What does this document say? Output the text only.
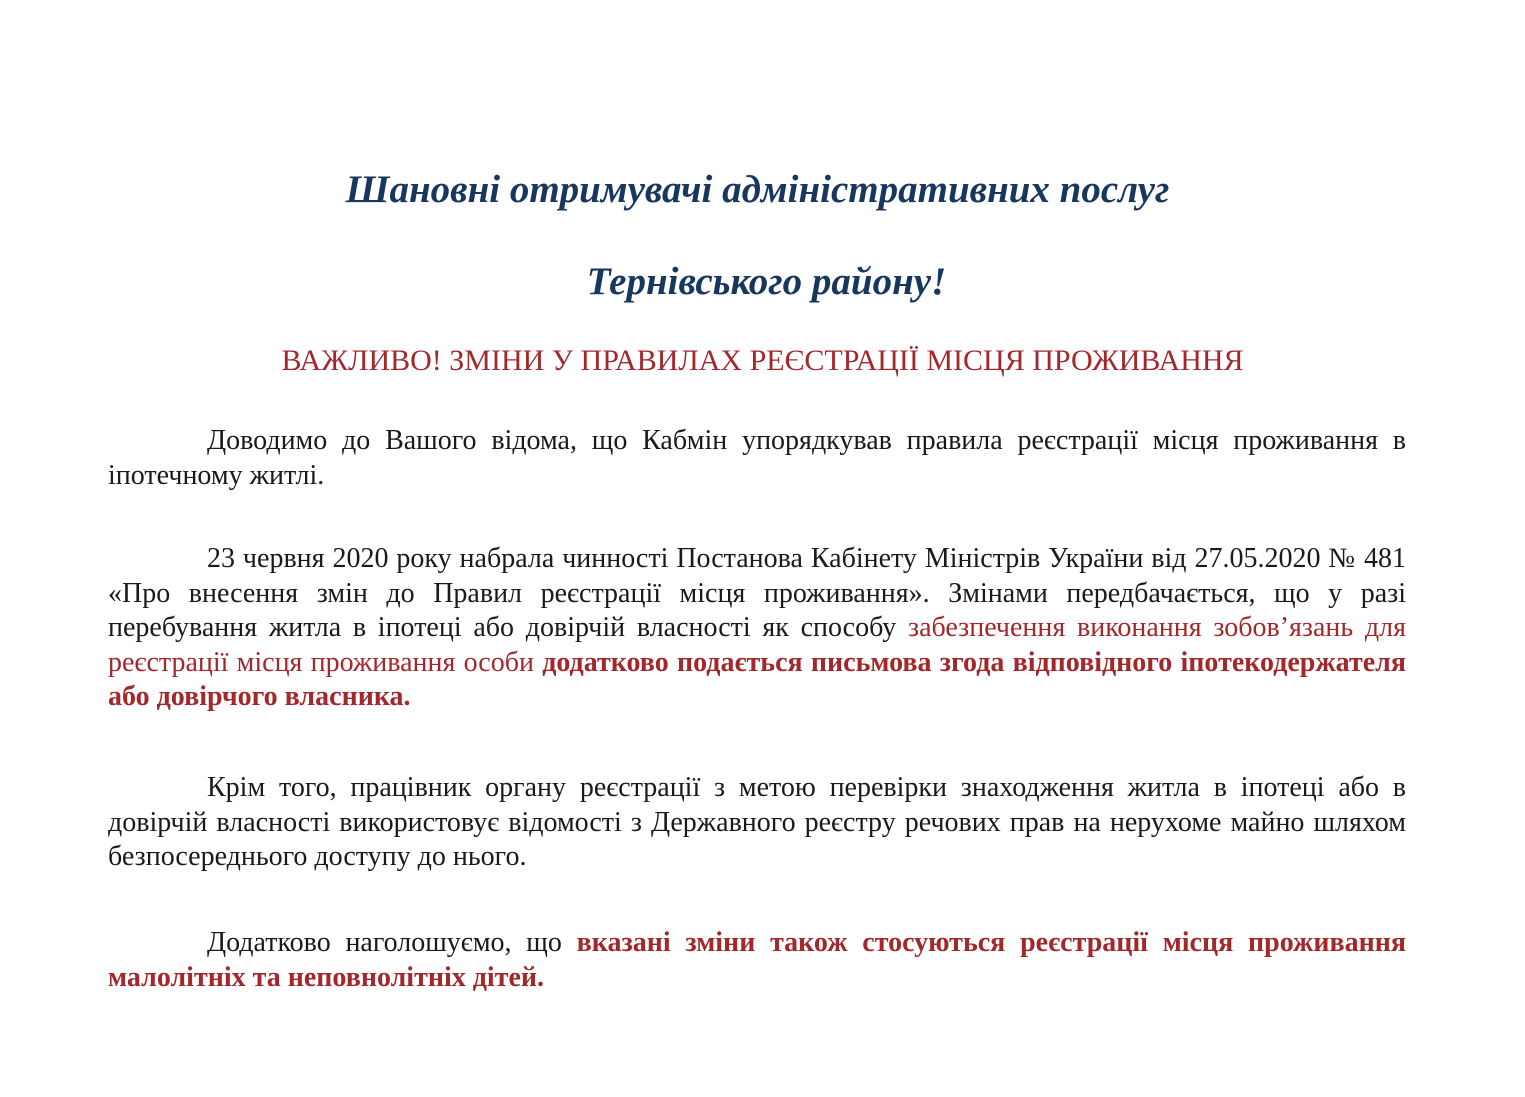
Шановні отримувачі адміністративних послуг
Тернівського району!
ВАЖЛИВО! ЗМІНИ У ПРАВИЛАХ РЕЄСТРАЦІЇ МІСЦЯ ПРОЖИВАННЯ

Доводимо до Вашого відома, що Кабмін упорядкував правила реєстрації місця проживання в іпотечному житлі.

23 червня 2020 року набрала чинності Постанова Кабінету Міністрів України від 27.05.2020 № 481 «Про внесення змін до Правил реєстрації місця проживання». Змінами передбачається, що у разі перебування житла в іпотеці або довірчій власності як способу забезпечення виконання зобов’язань для реєстрації місця проживання особи додатково подається письмова згода відповідного іпотекодержателя або довірчого власника.

Крім того, працівник органу реєстрації з метою перевірки знаходження житла в іпотеці або в довірчій власності використовує відомості з Державного реєстру речових прав на нерухоме майно шляхом безпосереднього доступу до нього.

Додатково наголошуємо, що вказані зміни також стосуються реєстрації місця проживання малолітніх та неповнолітніх дітей.
